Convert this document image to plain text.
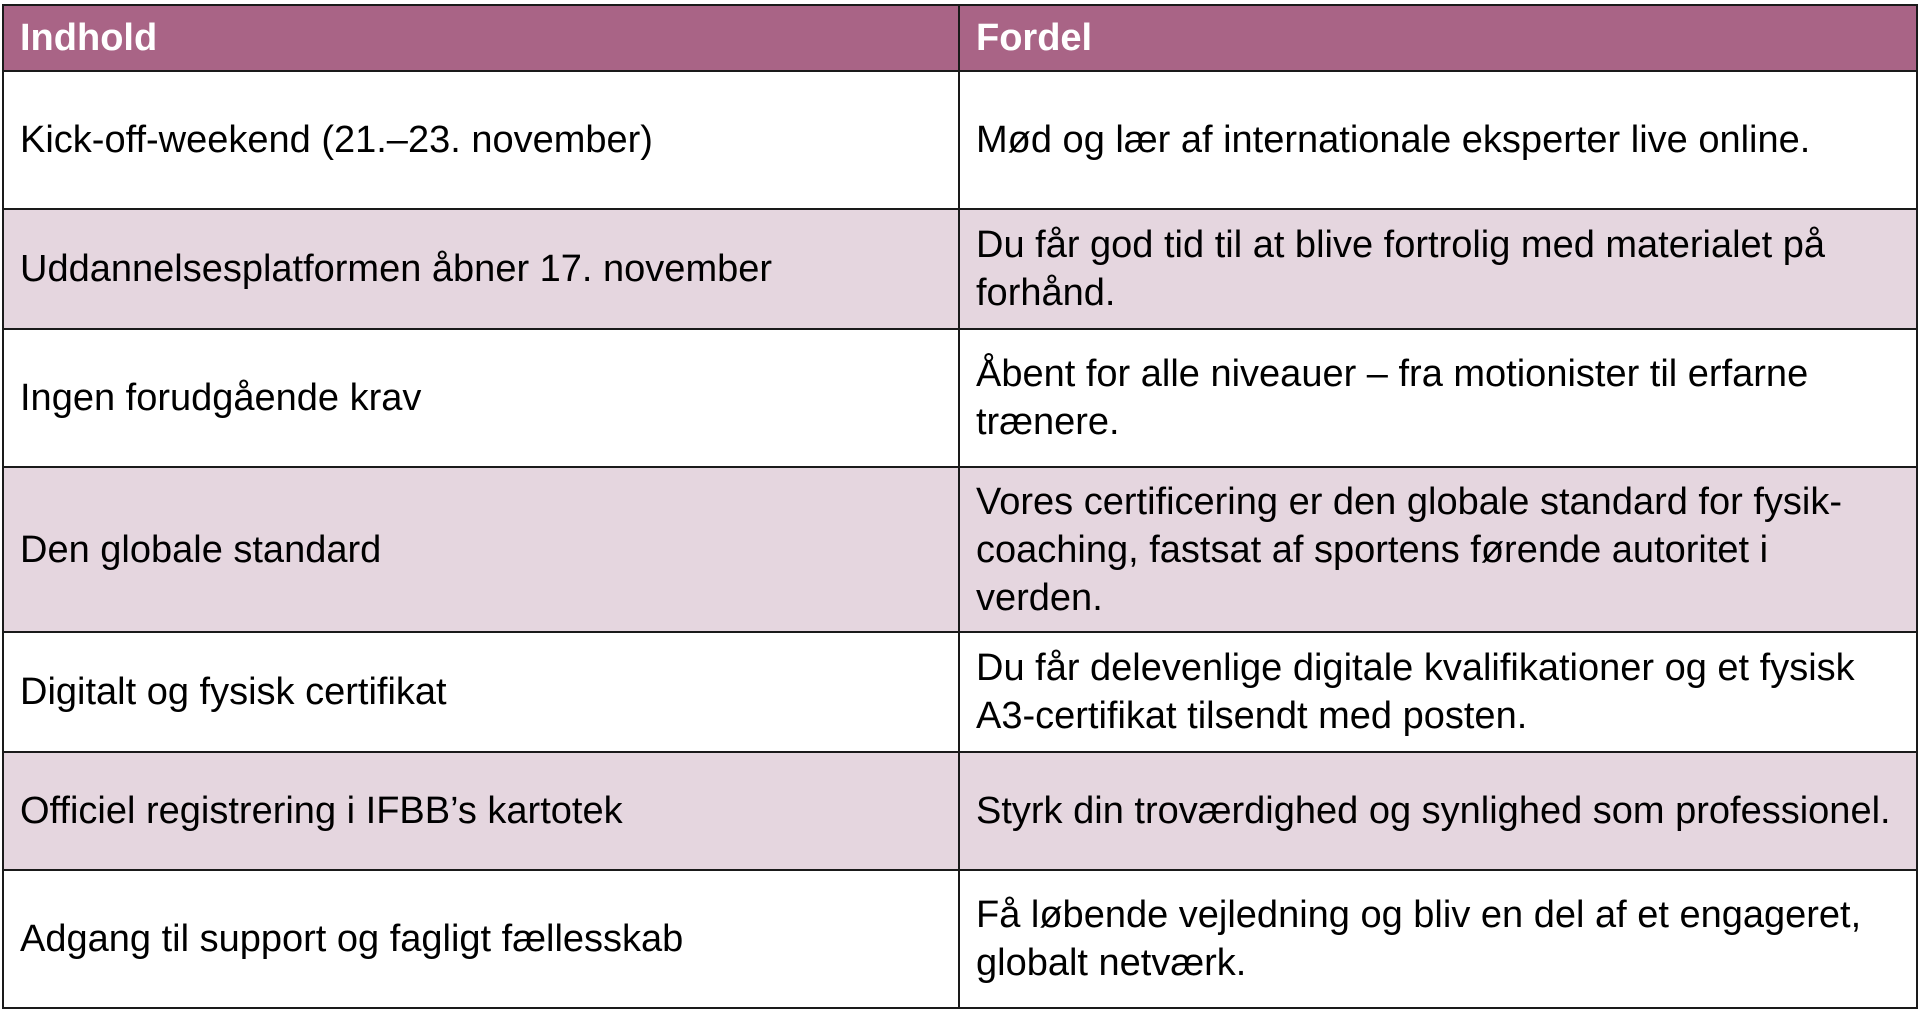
Indhold	Fordel
Kick-off-weekend (21.–23. november)	Mød og lær af internationale eksperter live online.
Uddannelsesplatformen åbner 17. november	Du får god tid til at blive fortrolig med materialet på forhånd.
Ingen forudgående krav	Åbent for alle niveauer – fra motionister til erfarne trænere.
Den globale standard	Vores certificering er den globale standard for fysik-coaching, fastsat af sportens førende autoritet i verden.
Digitalt og fysisk certifikat	Du får delevenlige digitale kvalifikationer og et fysisk A3-certifikat tilsendt med posten.
Officiel registrering i IFBB’s kartotek	Styrk din troværdighed og synlighed som professionel.
Adgang til support og fagligt fællesskab	Få løbende vejledning og bliv en del af et engageret, globalt netværk.
